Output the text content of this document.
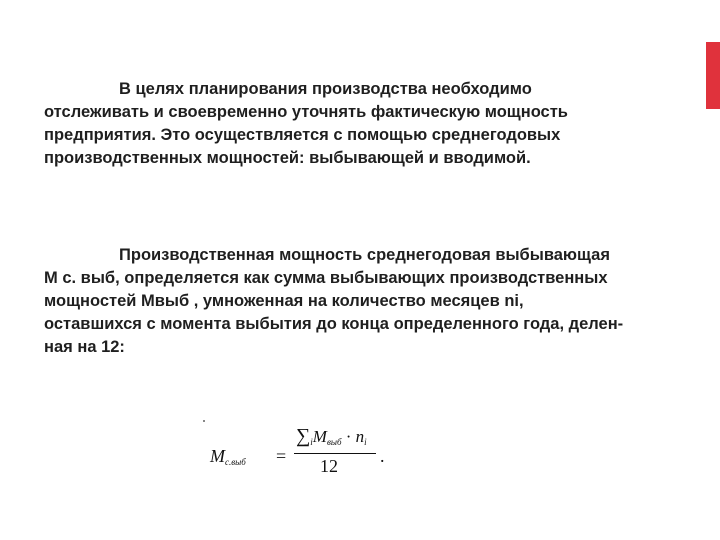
В целях планирования производства необходимо отслеживать и своевременно уточнять фактическую мощность предприятия. Это осуществляется с помощью среднегодовых производственных мощностей: выбывающей и вводимой.

Производственная мощность среднегодовая выбывающая М с. выб, определяется как сумма выбывающих производственных мощностей Мвыб , умноженная на количество месяцев ni, оставшихся с момента выбытия до конца определенного года, делен-ная на 12:

$M_{с.выб}$ =
$\sum_iM_{выб} \cdot n_i$
12 .
